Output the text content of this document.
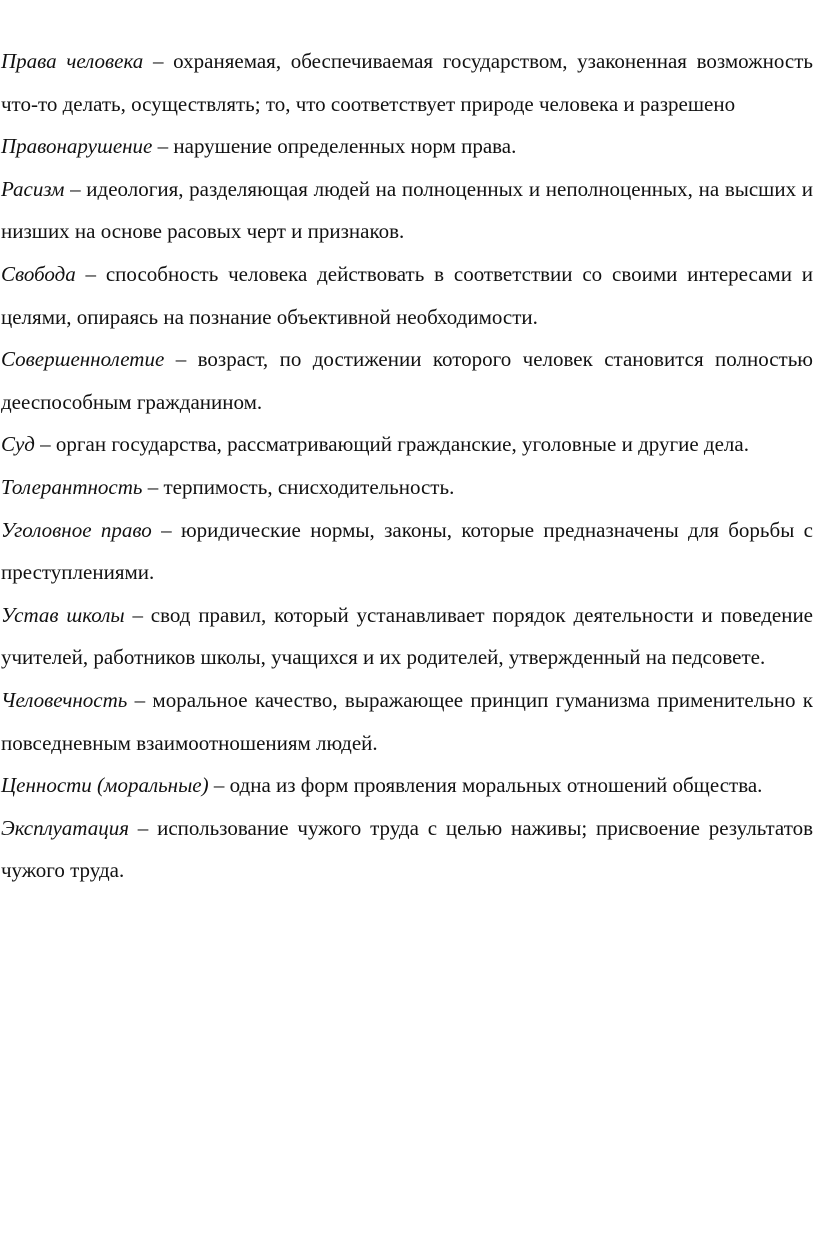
Права человека – охраняемая, обеспечиваемая государством, узаконенная возможность что-то делать, осуществлять; то, что соответствует природе человека и разрешено

Правонарушение – нарушение определенных норм права.

Расизм – идеология, разделяющая людей на полноценных и неполноценных, на высших и низших на основе расовых черт и признаков.

Свобода – способность человека действовать в соответствии со своими интересами и целями, опираясь на познание объективной необходимости.

Совершеннолетие – возраст, по достижении которого человек становится полностью дееспособным гражданином.

Суд – орган государства, рассматривающий гражданские, уголовные и другие дела.

Толерантность – терпимость, снисходительность.

Уголовное право – юридические нормы, законы, которые предназначены для борьбы с преступлениями.

Устав школы – свод правил, который устанавливает порядок деятельности и поведение учителей, работников школы, учащихся и их родителей, утвержденный на педсовете.

Человечность – моральное качество, выражающее принцип гуманизма применительно к повседневным взаимоотношениям людей.

Ценности (моральные) – одна из форм проявления моральных отношений общества.

Эксплуатация – использование чужого труда с целью наживы; присвоение результатов чужого труда.
